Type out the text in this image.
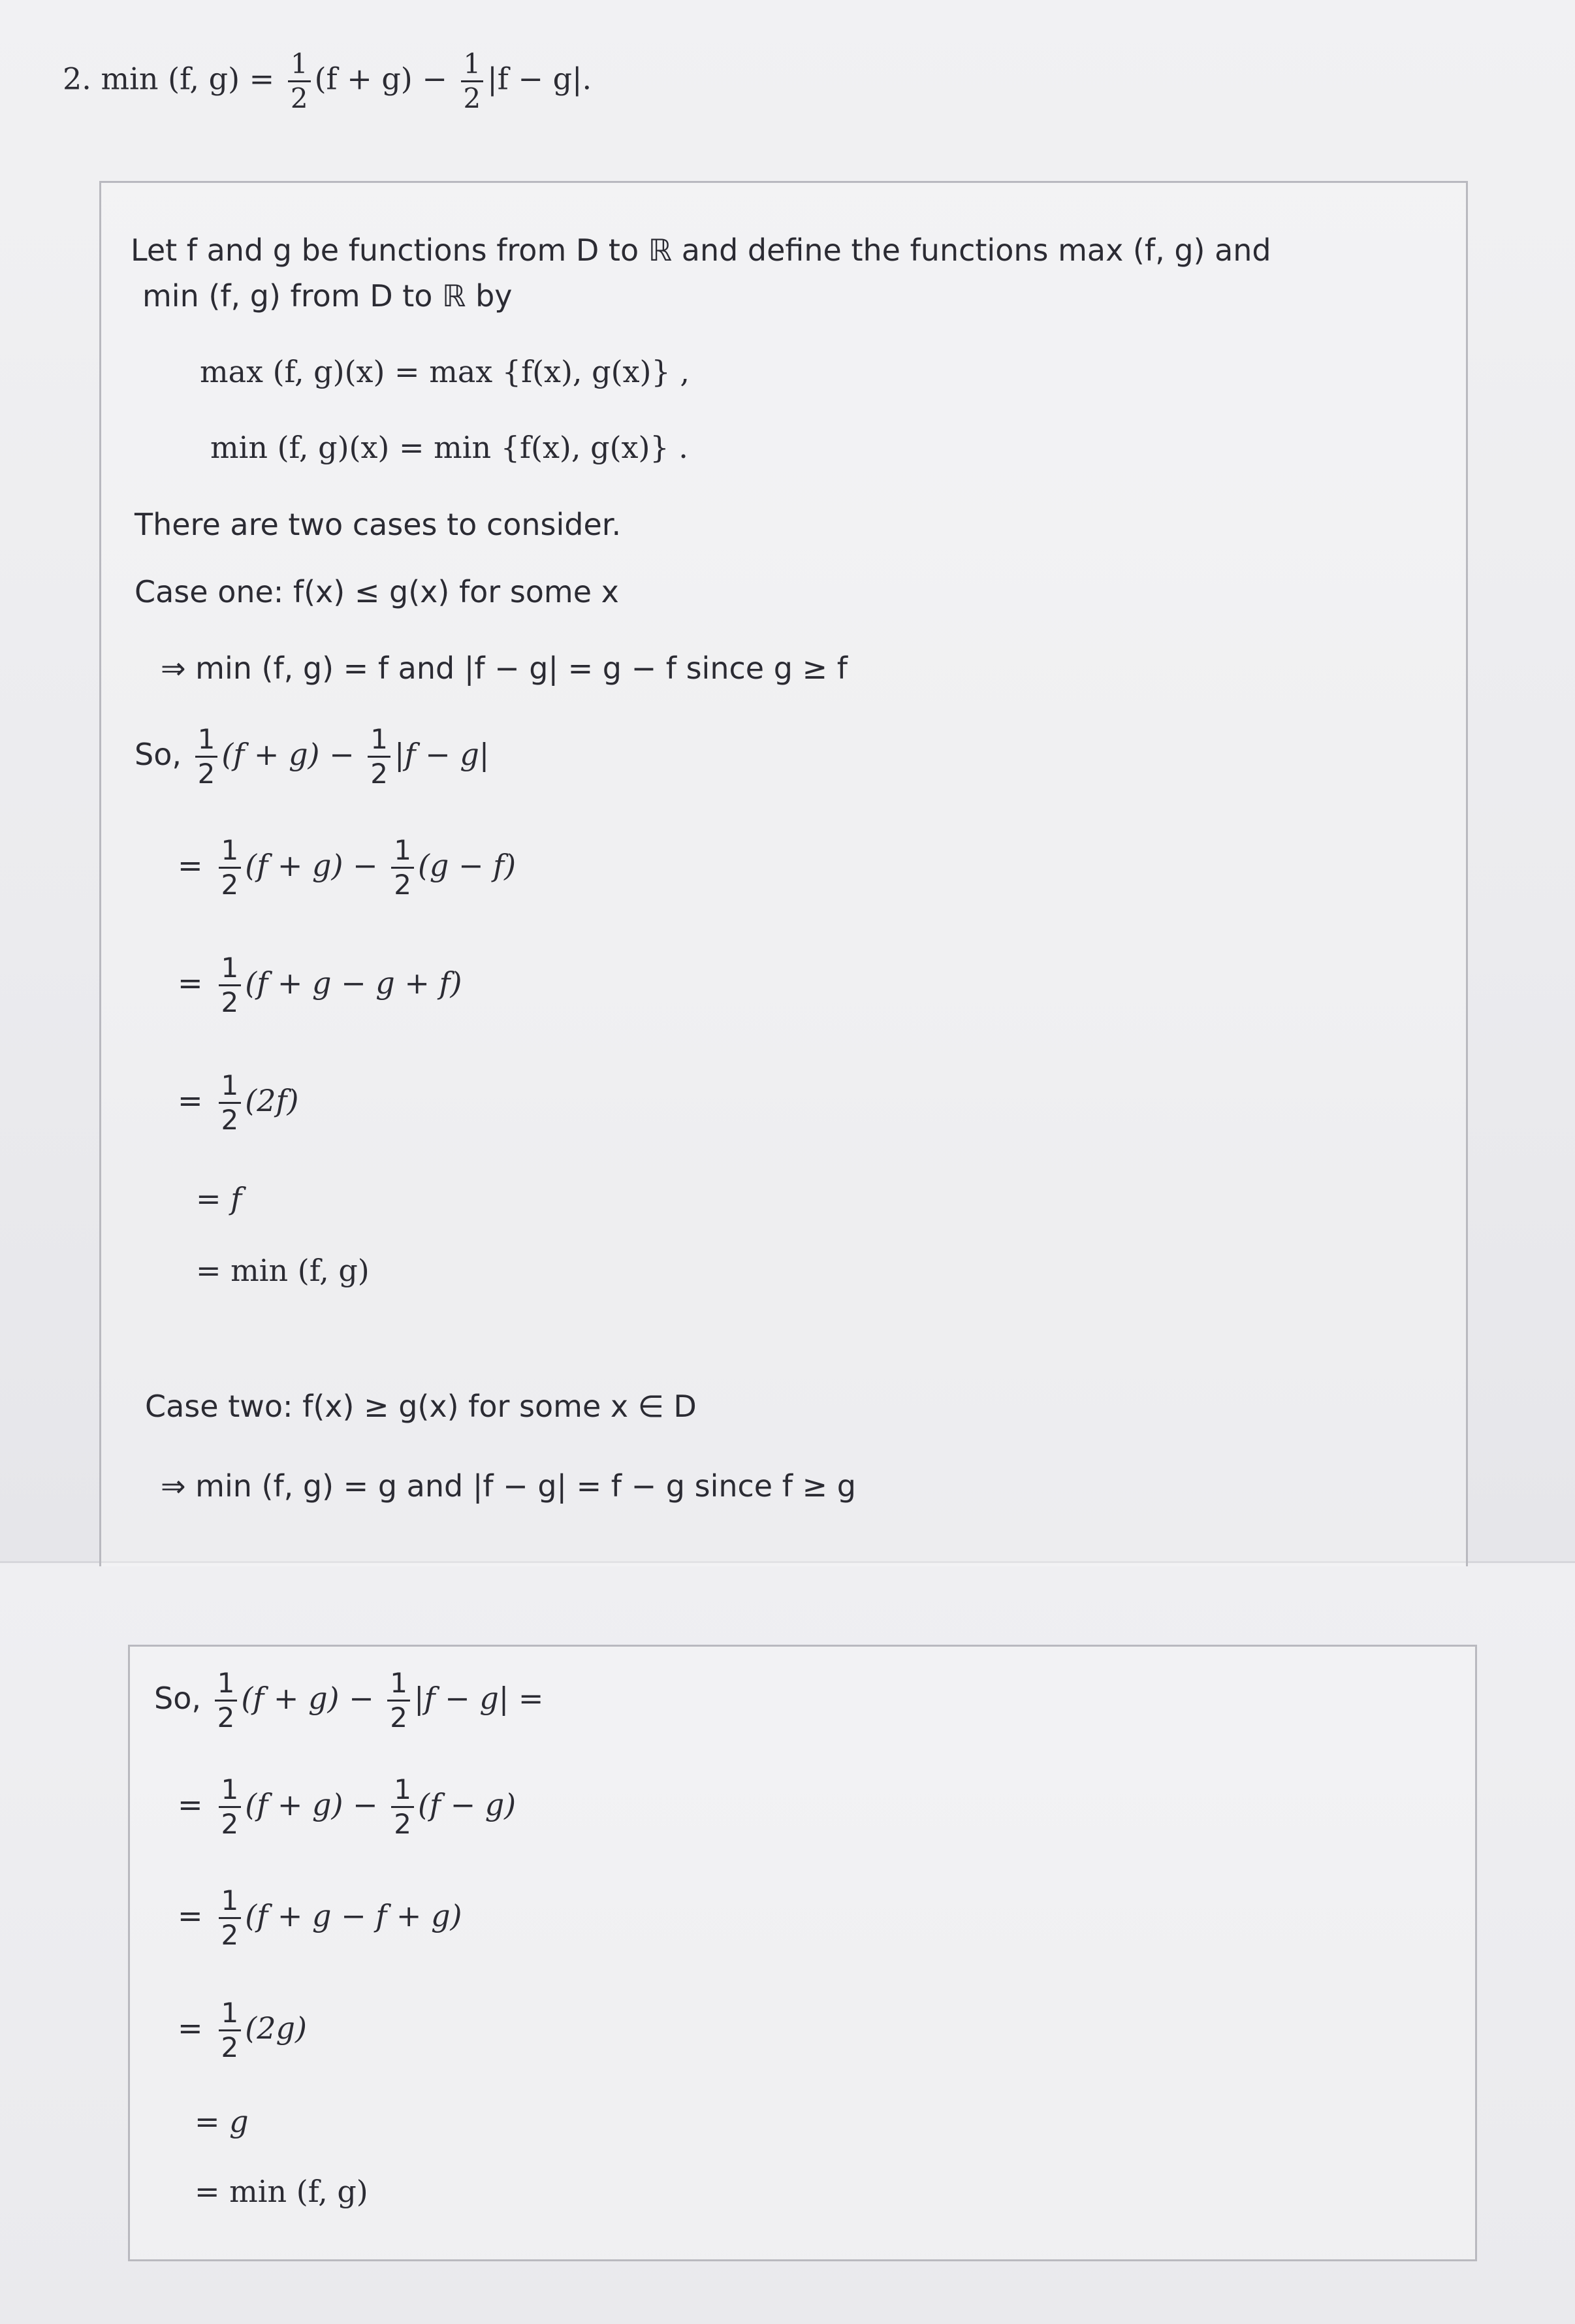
2. min (f, $g) = \frac{1}{2} (f + g) - \frac{1}{2} |f - g|$.
Let f and g be functions from D to ℝ and define the functions max (f, g) and
min (f, g) from D to ℝ by
max (f, g)(x) = max {f(x), g(x)} ,
min (f, g)(x) = min {f(x), g(x)} .
There are two cases to consider.
Case one: f(x) ≤ g(x) for some x
⇒ min (f, g) = f and |f − g| = g − f since g ≥ f
So, $\frac{1}{2} (f + g) - \frac{1}{2} |f - g|$
= $\frac{1}{2} (f + g) - \frac{1}{2} (g - f)$
= $\frac{1}{2} (f + g - g + f)$
= $\frac{1}{2} (2f)$
= f
= min (f, g)
Case two: f(x) ≥ g(x) for some x ∈ D
⇒ min (f, g) = g and |f − g| = f − g since f ≥ g
So, $\frac{1}{2} (f + g) - \frac{1}{2} |f - g|$ =
= $\frac{1}{2} (f + g) - \frac{1}{2} (f - g)$
= $\frac{1}{2} (f + g - f + g)$
= $\frac{1}{2} (2g)$
= g
= min (f, g)
